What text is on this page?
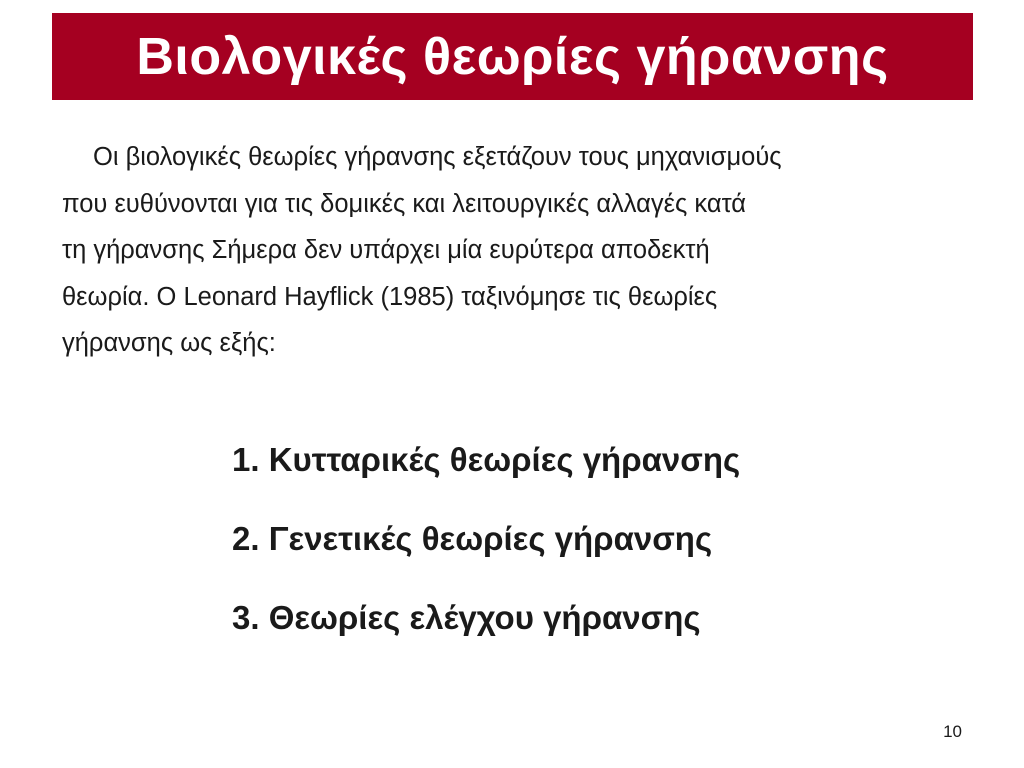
Βιολογικές θεωρίες γήρανσης

Οι βιολογικές θεωρίες γήρανσης εξετάζουν τους μηχανισμούς
που ευθύνονται για τις δομικές και λειτουργικές αλλαγές κατά
τη γήρανσης Σήμερα δεν υπάρχει μία ευρύτερα αποδεκτή
θεωρία. Ο Leonard Hayflick (1985) ταξινόμησε τις θεωρίες
γήρανσης ως εξής:

1. Κυτταρικές θεωρίες γήρανσης
2. Γενετικές θεωρίες γήρανσης
3. Θεωρίες ελέγχου γήρανσης
10
